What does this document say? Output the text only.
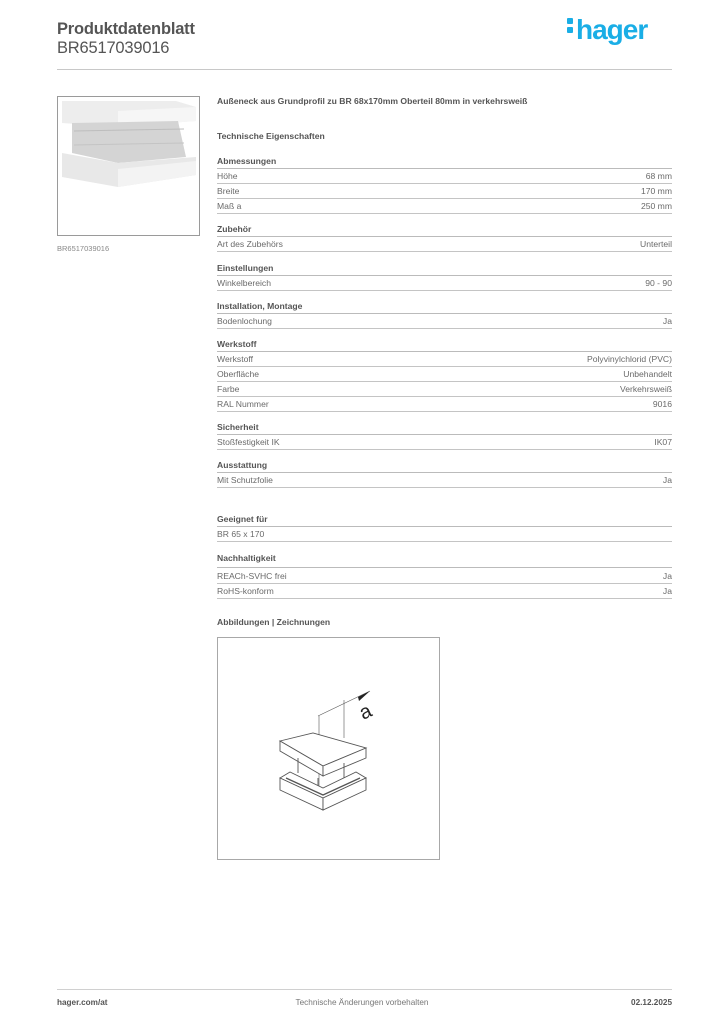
Produktdatenblatt
BR6517039016
hager
BR6517039016
Außeneck aus Grundprofil zu BR 68x170mm Oberteil 80mm in verkehrsweiß
Technische Eigenschaften
Abmessungen
Höhe	68 mm
Breite	170 mm
Maß a	250 mm
Zubehör
Art des Zubehörs	Unterteil
Einstellungen
Winkelbereich	90 - 90
Installation, Montage
Bodenlochung	Ja
Werkstoff
Werkstoff	Polyvinylchlorid (PVC)
Oberfläche	Unbehandelt
Farbe	Verkehrsweiß
RAL Nummer	9016
Sicherheit
Stoßfestigkeit IK	IK07
Ausstattung
Mit Schutzfolie	Ja
Geeignet für
BR 65 x 170
Nachhaltigkeit
REACh-SVHC frei	Ja
RoHS-konform	Ja
Abbildungen | Zeichnungen
a
hager.com/at	Technische Änderungen vorbehalten	02.12.2025
